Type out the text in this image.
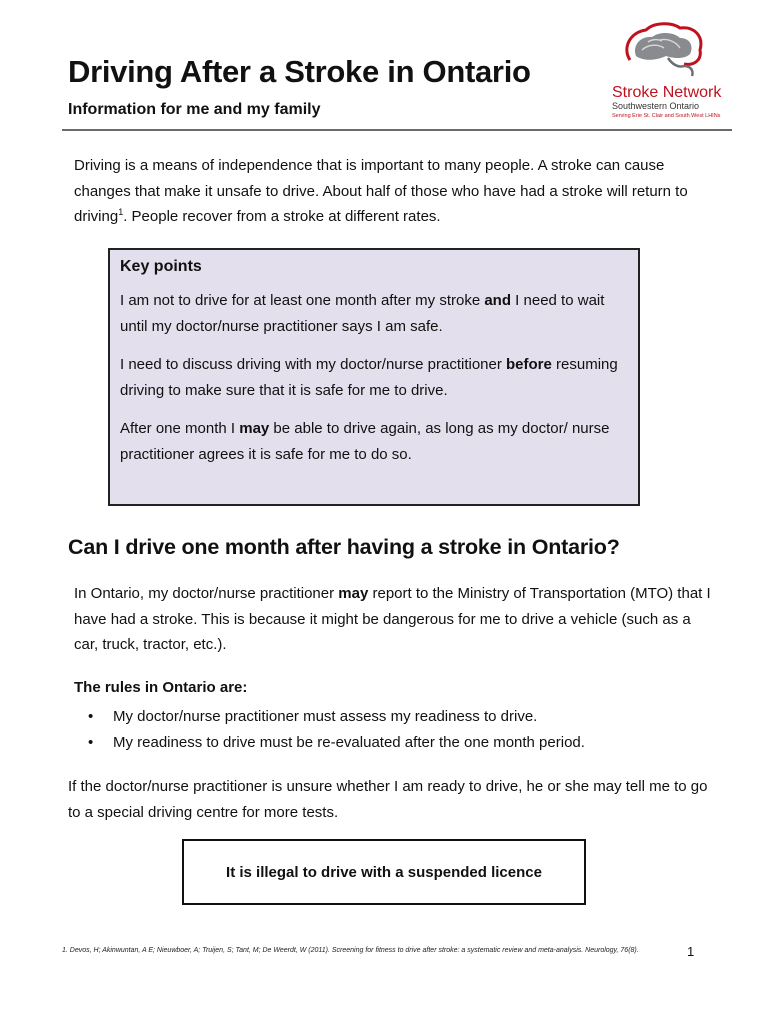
Driving After a Stroke in Ontario
Information for me and my family
Stroke Network
Southwestern Ontario
Serving Erie St. Clair and South West LHINs
Driving is a means of independence that is important to many people. A stroke can cause changes that make it unsafe to drive. About half of those who have had a stroke will return to driving$^1$. People recover from a stroke at different rates.
Key points
I am not to drive for at least one month after my stroke and I need to wait until my doctor/nurse practitioner says I am safe.
I need to discuss driving with my doctor/nurse practitioner before resuming driving to make sure that it is safe for me to drive.
After one month I may be able to drive again, as long as my doctor/ nurse practitioner agrees it is safe for me to do so.
Can I drive one month after having a stroke in Ontario?
In Ontario, my doctor/nurse practitioner may report to the Ministry of Transportation (MTO) that I have had a stroke. This is because it might be dangerous for me to drive a vehicle (such as a car, truck, tractor, etc.).
The rules in Ontario are:
•	My doctor/nurse practitioner must assess my readiness to drive.
•	My readiness to drive must be re-evaluated after the one month period.
If the doctor/nurse practitioner is unsure whether I am ready to drive, he or she may tell me to go to a special driving centre for more tests.
It is illegal to drive with a suspended licence
1. Devos, H; Akinwuntan, A E; Nieuwboer, A; Truijen, S; Tant, M; De Weerdt, W (2011). Screening for fitness to drive after stroke: a systematic review and meta-analysis. Neurology, 76(8).	1
